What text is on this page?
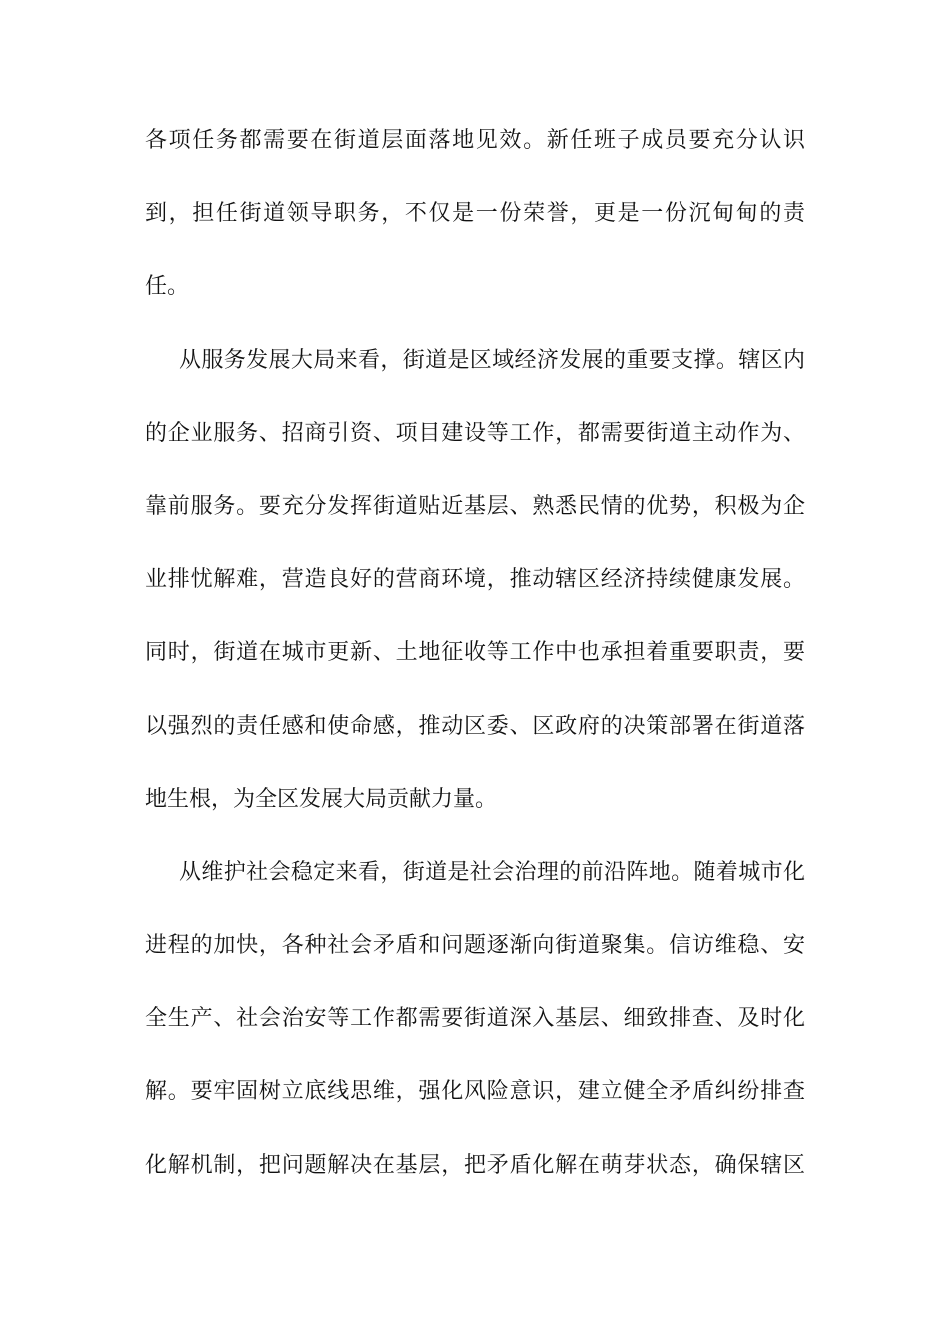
各项任务都需要在街道层面落地见效。新任班子成员要充分认识
到，担任街道领导职务，不仅是一份荣誉，更是一份沉甸甸的责
任。
从服务发展大局来看，街道是区域经济发展的重要支撑。辖区内
的企业服务、招商引资、项目建设等工作，都需要街道主动作为、
靠前服务。要充分发挥街道贴近基层、熟悉民情的优势，积极为企
业排忧解难，营造良好的营商环境，推动辖区经济持续健康发展。
同时，街道在城市更新、土地征收等工作中也承担着重要职责，要
以强烈的责任感和使命感，推动区委、区政府的决策部署在街道落
地生根，为全区发展大局贡献力量。
从维护社会稳定来看，街道是社会治理的前沿阵地。随着城市化
进程的加快，各种社会矛盾和问题逐渐向街道聚集。信访维稳、安
全生产、社会治安等工作都需要街道深入基层、细致排查、及时化
解。要牢固树立底线思维，强化风险意识，建立健全矛盾纠纷排查
化解机制，把问题解决在基层，把矛盾化解在萌芽状态，确保辖区
